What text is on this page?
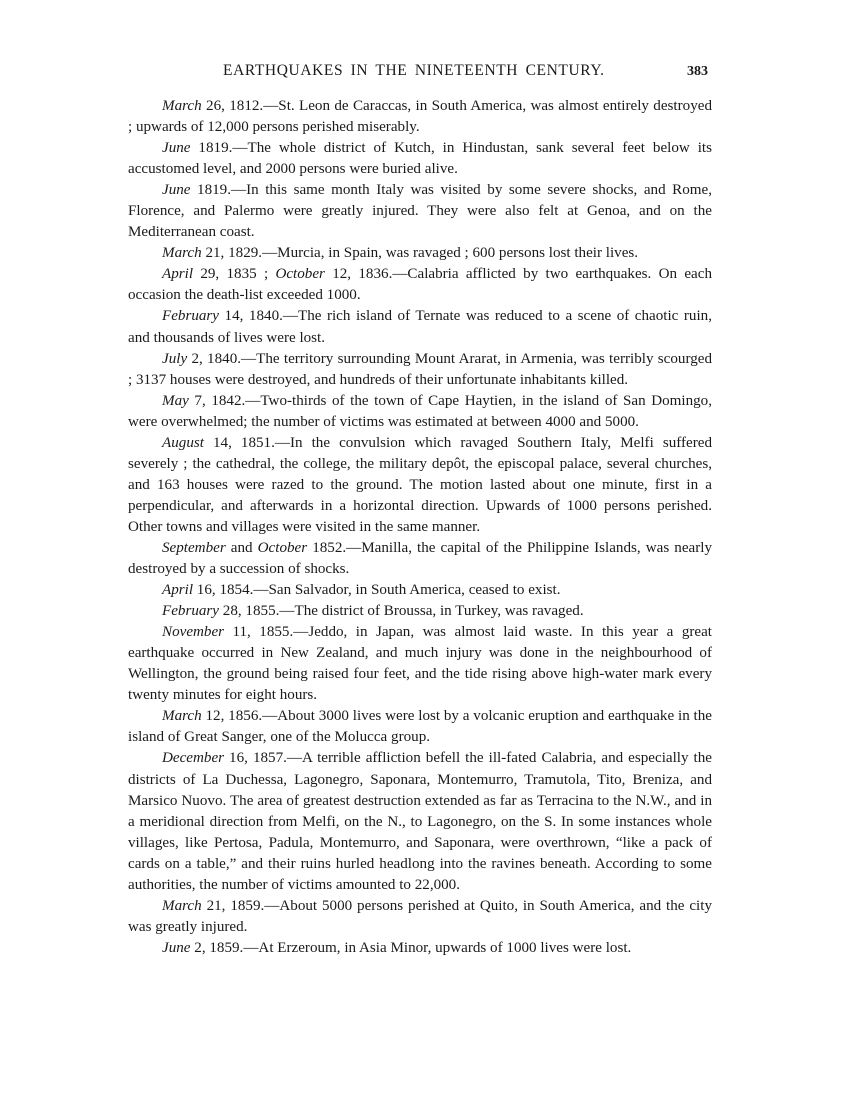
EARTHQUAKES IN THE NINETEENTH CENTURY.	383

March 26, 1812.—St. Leon de Caraccas, in South America, was almost entirely destroyed ; upwards of 12,000 persons perished miserably.

June 1819.—The whole district of Kutch, in Hindustan, sank several feet below its accustomed level, and 2000 persons were buried alive.

June 1819.—In this same month Italy was visited by some severe shocks, and Rome, Florence, and Palermo were greatly injured. They were also felt at Genoa, and on the Mediterranean coast.

March 21, 1829.—Murcia, in Spain, was ravaged ; 600 persons lost their lives.

April 29, 1835 ; October 12, 1836.—Calabria afflicted by two earthquakes. On each occasion the death-list exceeded 1000.

February 14, 1840.—The rich island of Ternate was reduced to a scene of chaotic ruin, and thousands of lives were lost.

July 2, 1840.—The territory surrounding Mount Ararat, in Armenia, was terribly scourged ; 3137 houses were destroyed, and hundreds of their unfortunate inhabitants killed.

May 7, 1842.—Two-thirds of the town of Cape Haytien, in the island of San Domingo, were overwhelmed; the number of victims was estimated at between 4000 and 5000.

August 14, 1851.—In the convulsion which ravaged Southern Italy, Melfi suffered severely ; the cathedral, the college, the military depôt, the episcopal palace, several churches, and 163 houses were razed to the ground. The motion lasted about one minute, first in a perpendicular, and afterwards in a horizontal direction. Upwards of 1000 persons perished. Other towns and villages were visited in the same manner.

September and October 1852.—Manilla, the capital of the Philippine Islands, was nearly destroyed by a succession of shocks.

April 16, 1854.—San Salvador, in South America, ceased to exist.

February 28, 1855.—The district of Broussa, in Turkey, was ravaged.

November 11, 1855.—Jeddo, in Japan, was almost laid waste. In this year a great earthquake occurred in New Zealand, and much injury was done in the neighbourhood of Wellington, the ground being raised four feet, and the tide rising above high-water mark every twenty minutes for eight hours.

March 12, 1856.—About 3000 lives were lost by a volcanic eruption and earthquake in the island of Great Sanger, one of the Molucca group.

December 16, 1857.—A terrible affliction befell the ill-fated Calabria, and especially the districts of La Duchessa, Lagonegro, Saponara, Montemurro, Tramutola, Tito, Breniza, and Marsico Nuovo. The area of greatest destruction extended as far as Terracina to the N.W., and in a meridional direction from Melfi, on the N., to Lagonegro, on the S. In some instances whole villages, like Pertosa, Padula, Montemurro, and Saponara, were overthrown, “like a pack of cards on a table,” and their ruins hurled headlong into the ravines beneath. According to some authorities, the number of victims amounted to 22,000.

March 21, 1859.—About 5000 persons perished at Quito, in South America, and the city was greatly injured.

June 2, 1859.—At Erzeroum, in Asia Minor, upwards of 1000 lives were lost.
